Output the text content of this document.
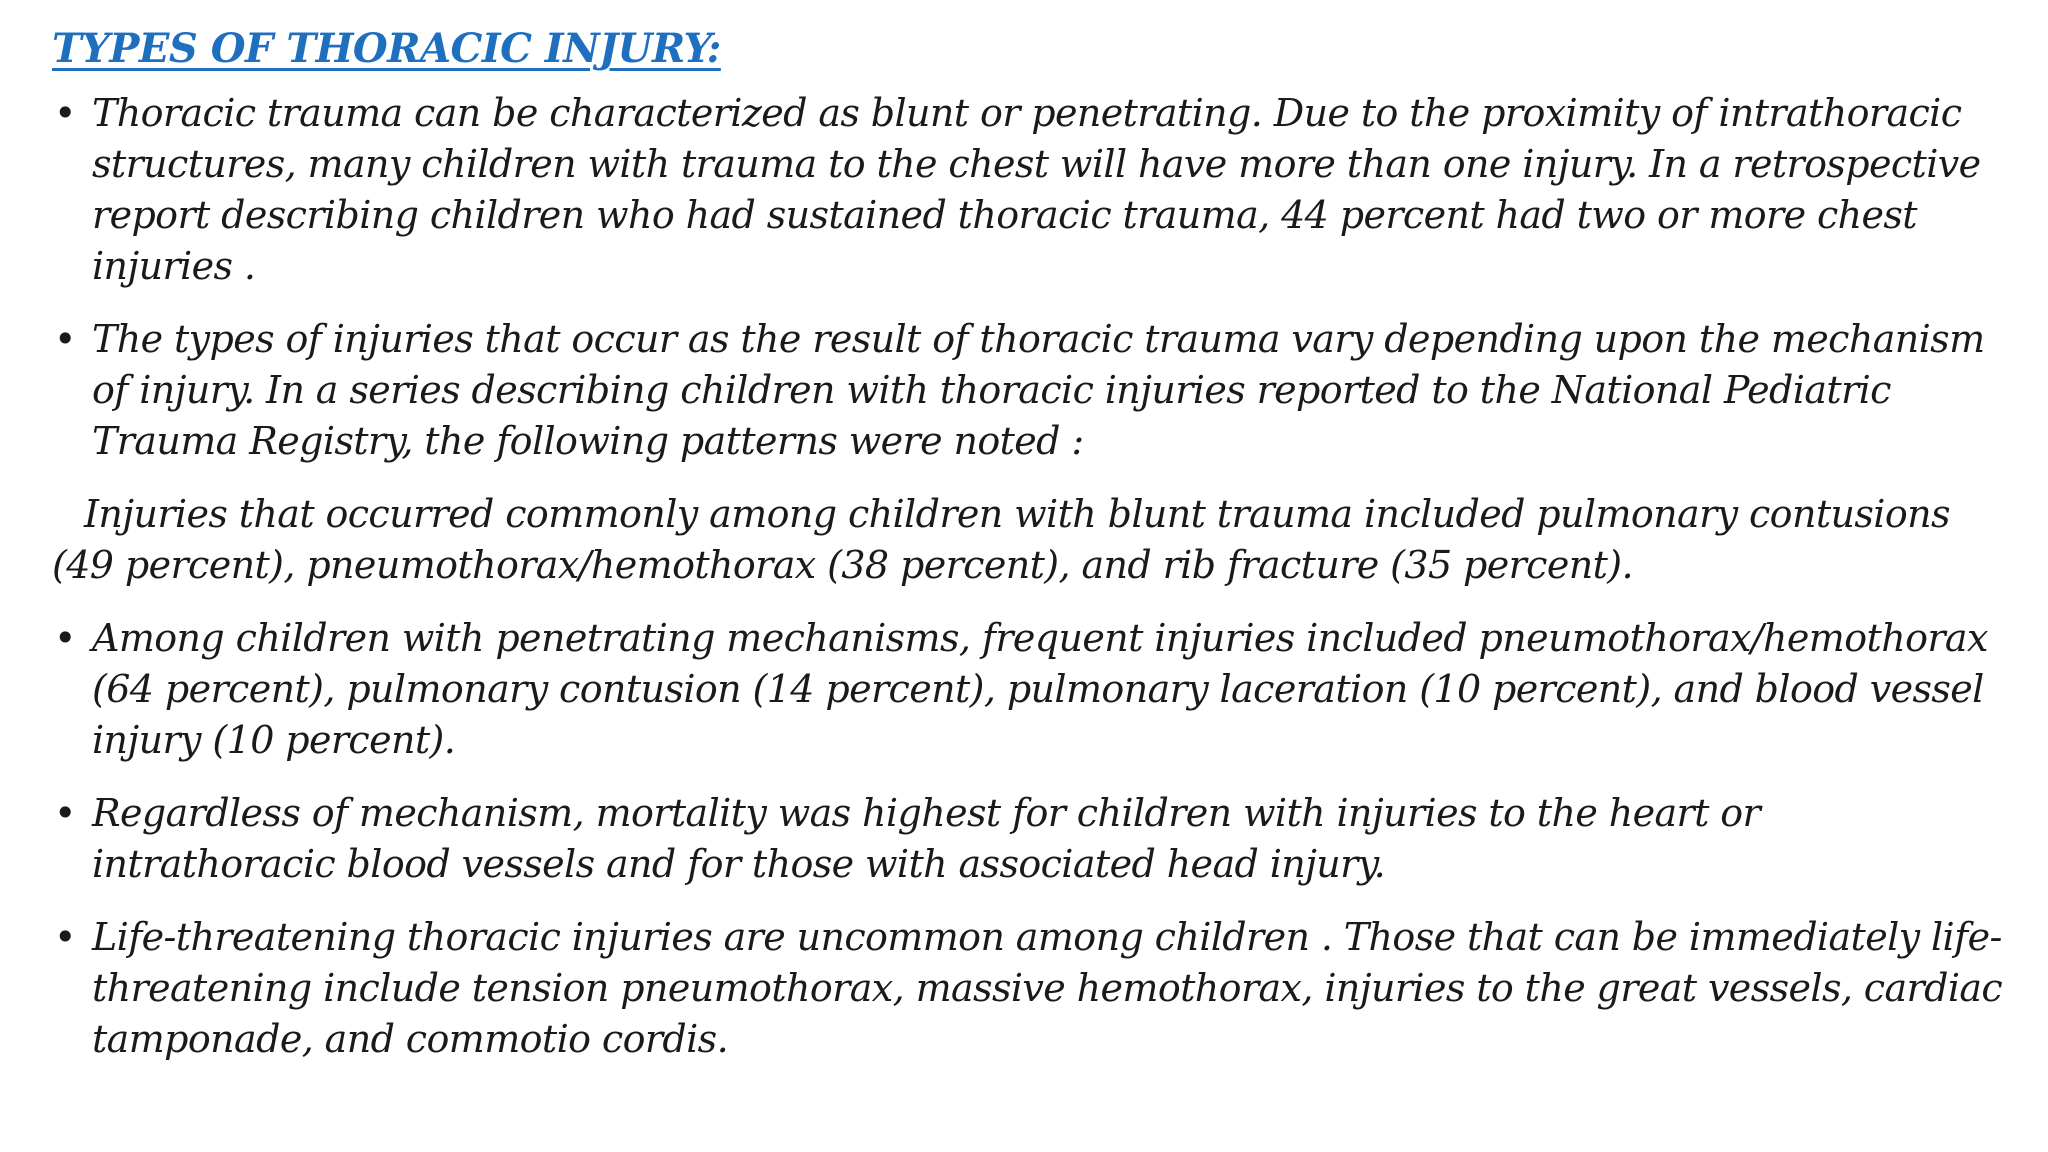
TYPES OF THORACIC INJURY:
• Thoracic trauma can be characterized as blunt or penetrating. Due to the proximity of intrathoracic structures, many children with trauma to the chest will have more than one injury. In a retrospective report describing children who had sustained thoracic trauma, 44 percent had two or more chest injuries .
• The types of injuries that occur as the result of thoracic trauma vary depending upon the mechanism of injury. In a series describing children with thoracic injuries reported to the National Pediatric Trauma Registry, the following patterns were noted :

Injuries that occurred commonly among children with blunt trauma included pulmonary contusions (49 percent), pneumothorax/hemothorax (38 percent), and rib fracture (35 percent).

• Among children with penetrating mechanisms, frequent injuries included pneumothorax/hemothorax (64 percent), pulmonary contusion (14 percent), pulmonary laceration (10 percent), and blood vessel injury (10 percent).
• Regardless of mechanism, mortality was highest for children with injuries to the heart or intrathoracic blood vessels and for those with associated head injury.
• Life-threatening thoracic injuries are uncommon among children . Those that can be immediately life-threatening include tension pneumothorax, massive hemothorax, injuries to the great vessels, cardiac tamponade, and commotio cordis.
